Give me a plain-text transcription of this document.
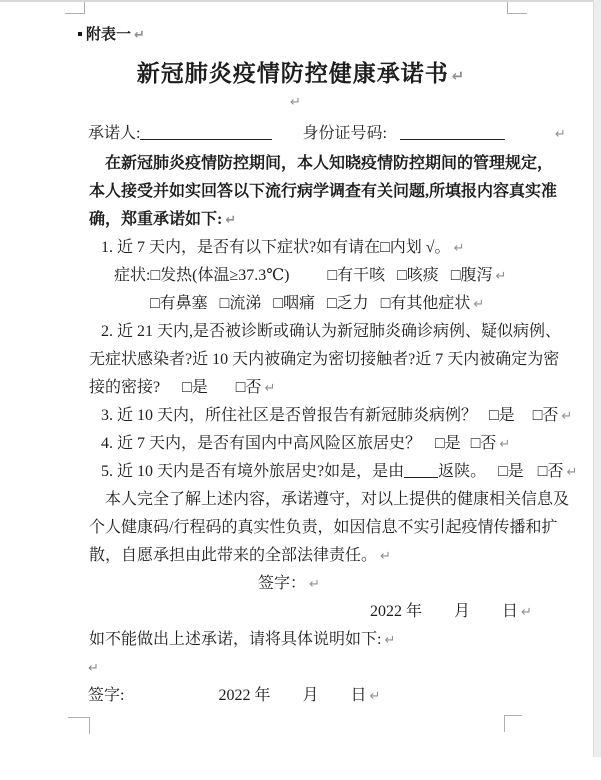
附表一 ↵
新冠肺炎疫情防控健康承诺书 ↵
↵
承诺人:	身份证号码:	↵
在新冠肺炎疫情防控期间，本人知晓疫情防控期间的管理规定，
本人接受并如实回答以下流行病学调查有关问题,所填报内容真实准
确，郑重承诺如下: ↵
1. 近 7 天内，是否有以下症状?如有请在□内划 √。 ↵
症状:□发热(体温≥37.3℃) □有干咳 □咳痰 □腹泻 ↵
□有鼻塞 □流涕 □咽痛 □乏力 □有其他症状 ↵
2. 近 21 天内,是否被诊断或确认为新冠肺炎确诊病例、疑似病例、
无症状感染者?近 10 天内被确定为密切接触者?近 7 天内被确定为密
接的密接? □是 □否 ↵
3. 近 10 天内，所住社区是否曾报告有新冠肺炎病例？ □是 □否 ↵
4. 近 7 天内，是否有国内中高风险区旅居史？ □是 □否 ↵
5. 近 10 天内是否有境外旅居史?如是，是由 返陕。 □是 □否 ↵
本人完全了解上述内容，承诺遵守，对以上提供的健康相关信息及
个人健康码/行程码的真实性负责，如因信息不实引起疫情传播和扩
散，自愿承担由此带来的全部法律责任。 ↵
签字： ↵
2022 年　　月　　日 ↵
如不能做出上述承诺，请将具体说明如下: ↵
↵
签字:	2022 年　　月　　日 ↵
